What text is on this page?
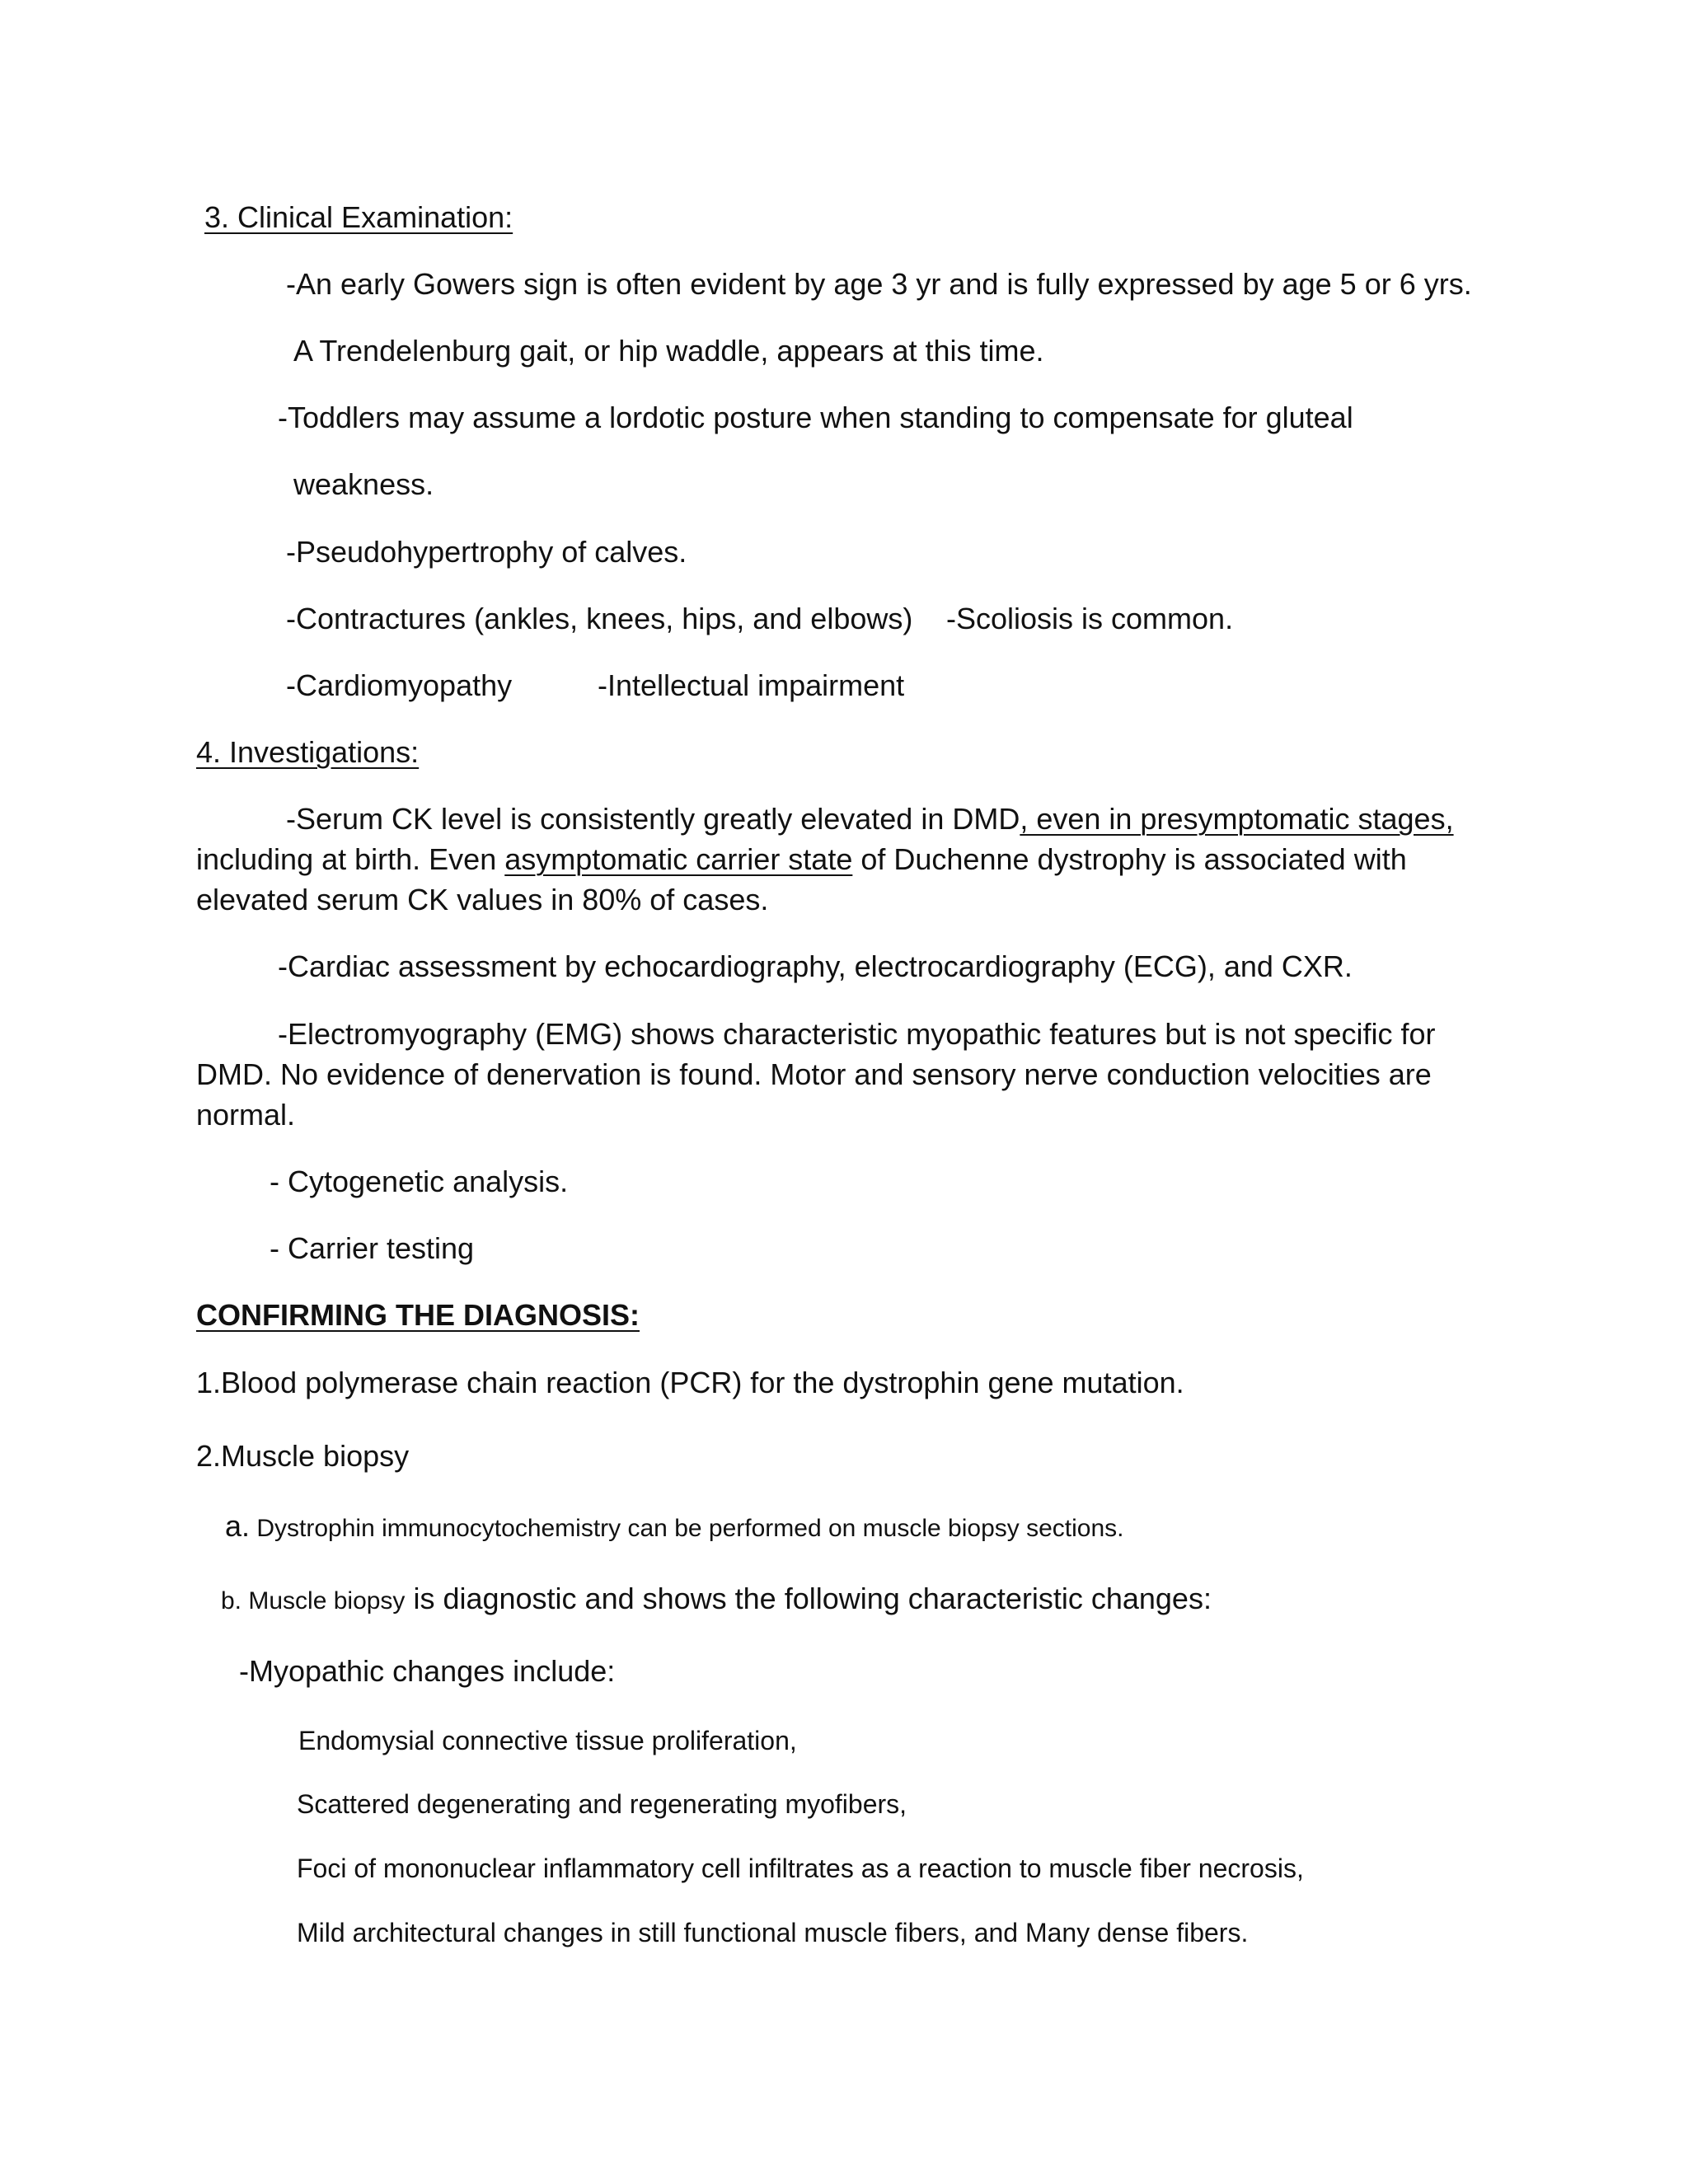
3. Clinical Examination:
-An early Gowers sign is often evident by age 3 yr and is fully expressed by age 5 or 6 yrs.
A Trendelenburg gait, or hip waddle, appears at this time.
-Toddlers may assume a lordotic posture when standing to compensate for gluteal
weakness.
-Pseudohypertrophy of calves.
-Contractures (ankles, knees, hips, and elbows) -Scoliosis is common.
-Cardiomyopathy	-Intellectual impairment
4. Investigations:
-Serum CK level is consistently greatly elevated in DMD, even in presymptomatic stages,
including at birth. Even asymptomatic carrier state of Duchenne dystrophy is associated with
elevated serum CK values in 80% of cases.
-Cardiac assessment by echocardiography, electrocardiography (ECG), and CXR.
-Electromyography (EMG) shows characteristic myopathic features but is not specific for
DMD. No evidence of denervation is found. Motor and sensory nerve conduction velocities are
normal.
- Cytogenetic analysis.
- Carrier testing
CONFIRMING THE DIAGNOSIS:
1.Blood polymerase chain reaction (PCR) for the dystrophin gene mutation.
2.Muscle biopsy
a. Dystrophin immunocytochemistry can be performed on muscle biopsy sections.
b. Muscle biopsy is diagnostic and shows the following characteristic changes:
-Myopathic changes include:
Endomysial connective tissue proliferation,
Scattered degenerating and regenerating myofibers,
Foci of mononuclear inflammatory cell infiltrates as a reaction to muscle fiber necrosis,
Mild architectural changes in still functional muscle fibers, and Many dense fibers.
